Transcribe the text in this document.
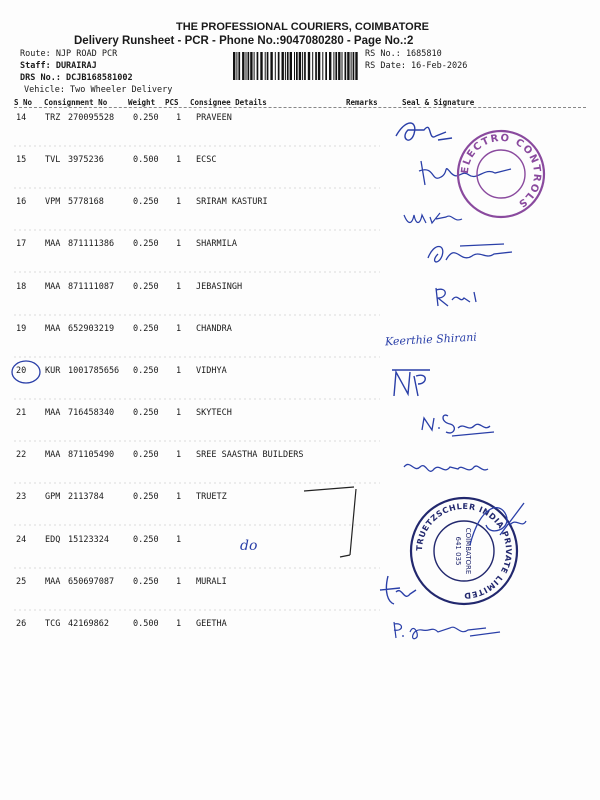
THE PROFESSIONAL COURIERS, COIMBATORE
Delivery Runsheet - PCR - Phone No.:9047080280 - Page No.:2
Route: NJP ROAD PCR
Staff: DURAIRAJ
DRS No.: DCJB168581002
Vehicle: Two Wheeler Delivery
RS No.: 1685810
RS Date: 16-Feb-2026
S No Consignment No	Weight PCS Consignee Details	Remarks	Seal & Signature
14 TRZ 270095528 0.250 1 PRAVEEN
15 TVL 3975236	0.500 1 ECSC
16 VPM 5778168	0.250 1 SRIRAM KASTURI
17 MAA 871111386 0.250 1 SHARMILA
18 MAA 871111087 0.250 1 JEBASINGH
19 MAA 652903219 0.250 1 CHANDRA
20 KUR 1001785656 0.250 1 VIDHYA
21 MAA 716458340 0.250 1 SKYTECH
22 MAA 871105490 0.250 1 SREE SAASTHA BUILDERS
23 GPM 2113784	0.250 1 TRUETZ
24 EDQ 15123324	0.250 1
25 MAA 650697087 0.250 1 MURALI
26 TCG 42169862	0.500 1 GEETHA
Keerthie Shirani
do
ELECTRO CONTROLS
TRUETZSCHLER INDIA PRIVATE LIMITED
COIMBATORE
641 035
